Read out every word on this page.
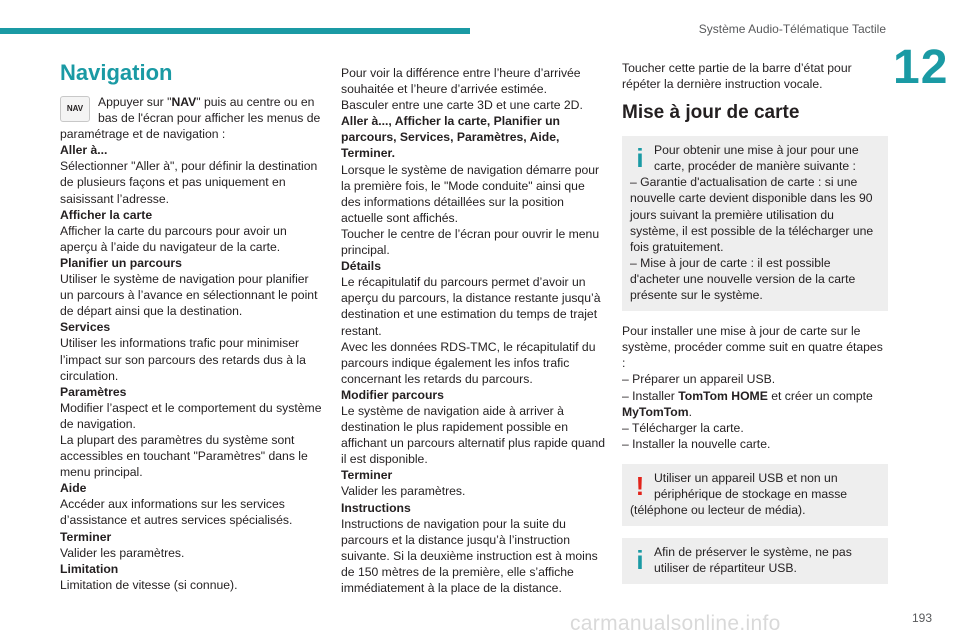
Système Audio-Télématique Tactile
12
Navigation
NAV	Appuyer sur "NAV" puis au centre ou en bas de l'écran pour afficher les menus de paramétrage et de navigation :

Aller à...

Sélectionner "Aller à", pour définir la destination de plusieurs façons et pas uniquement en saisissant l’adresse.

Afficher la carte

Afficher la carte du parcours pour avoir un aperçu à l’aide du navigateur de la carte.

Planifier un parcours

Utiliser le système de navigation pour planifier un parcours à l’avance en sélectionnant le point de départ ainsi que la destination.

Services

Utiliser les informations trafic pour minimiser l’impact sur son parcours des retards dus à la circulation.

Paramètres

Modifier l’aspect et le comportement du système de navigation.

La plupart des paramètres du système sont accessibles en touchant "Paramètres" dans le menu principal.

Aide

Accéder aux informations sur les services d’assistance et autres services spécialisés.

Terminer

Valider les paramètres.

Limitation

Limitation de vitesse (si connue).

Pour voir la différence entre l’heure d’arrivée souhaitée et l’heure d’arrivée estimée.

Basculer entre une carte 3D et une carte 2D.

Aller à..., Afficher la carte, Planifier un parcours, Services, Paramètres, Aide, Terminer.

Lorsque le système de navigation démarre pour la première fois, le "Mode conduite" ainsi que des informations détaillées sur la position actuelle sont affichés.

Toucher le centre de l’écran pour ouvrir le menu principal.

Détails

Le récapitulatif du parcours permet d’avoir un aperçu du parcours, la distance restante jusqu’à destination et une estimation du temps de trajet restant.

Avec les données RDS-TMC, le récapitulatif du parcours indique également les infos trafic concernant les retards du parcours.

Modifier parcours

Le système de navigation aide à arriver à destination le plus rapidement possible en affichant un parcours alternatif plus rapide quand il est disponible.

Terminer

Valider les paramètres.

Instructions

Instructions de navigation pour la suite du parcours et la distance jusqu’à l’instruction suivante. Si la deuxième instruction est à moins de 150 mètres de la première, elle s’affiche immédiatement à la place de la distance.

Toucher cette partie de la barre d’état pour répéter la dernière instruction vocale.

Mise à jour de carte
i Pour obtenir une mise à jour pour une carte, procéder de manière suivante :

– Garantie d'actualisation de carte : si une nouvelle carte devient disponible dans les 90 jours suivant la première utilisation du système, il est possible de la télécharger une fois gratuitement.

– Mise à jour de carte : il est possible d'acheter une nouvelle version de la carte présente sur le système.

Pour installer une mise à jour de carte sur le système, procéder comme suit en quatre étapes :

– Préparer un appareil USB.

– Installer TomTom HOME et créer un compte MyTomTom.

– Télécharger la carte.

– Installer la nouvelle carte.

! Utiliser un appareil USB et non un périphérique de stockage en masse (téléphone ou lecteur de média).

i Afin de préserver le système, ne pas utiliser de répartiteur USB.

carmanualsonline.info	193
